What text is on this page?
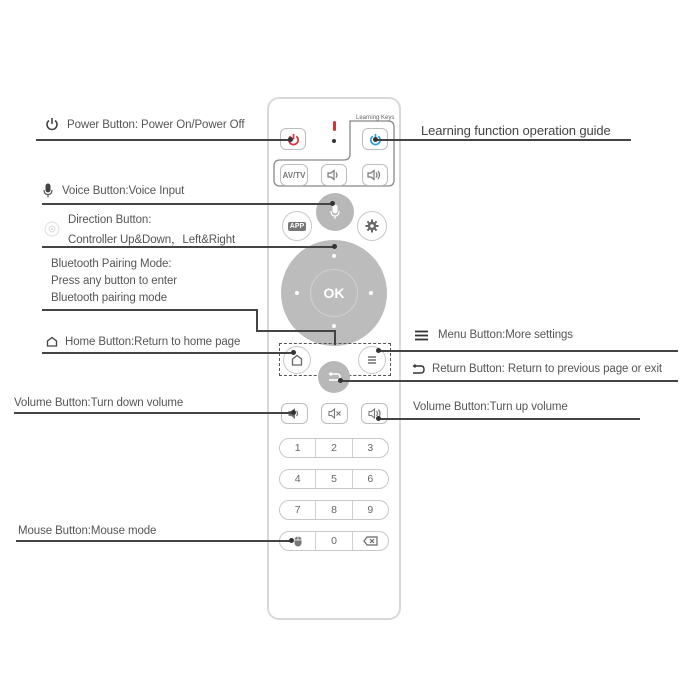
Learning Keys
AV/TV
APP
OK
1	2	3
4	5	6
7	8	9
0
Power Button: Power On/Power Off	Learning function operation guide
Voice Button:Voice Input
Direction Button:
Controller Up&Down，Left&Right
Bluetooth Pairing Mode:
Press any button to enter
Bluetooth pairing mode
Home Button:Return to home page
Menu Button:More settings
Return Button: Return to previous page or exit
Volume Button:Turn down volume	Volume Button:Turn up volume
Mouse Button:Mouse mode
